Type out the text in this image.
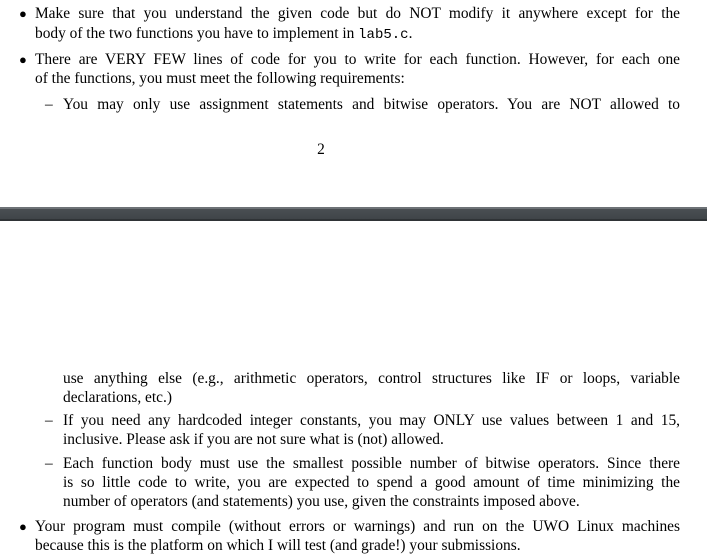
● Make sure that you understand the given code but do NOT modify it anywhere except for the
body of the two functions you have to implement in lab5.c.
● There are VERY FEW lines of code for you to write for each function. However, for each one
of the functions, you must meet the following requirements:
– You may only use assignment statements and bitwise operators. You are NOT allowed to
2
use anything else (e.g., arithmetic operators, control structures like IF or loops, variable
declarations, etc.)
– If you need any hardcoded integer constants, you may ONLY use values between 1 and 15,
inclusive. Please ask if you are not sure what is (not) allowed.
– Each function body must use the smallest possible number of bitwise operators. Since there
is so little code to write, you are expected to spend a good amount of time minimizing the
number of operators (and statements) you use, given the constraints imposed above.
● Your program must compile (without errors or warnings) and run on the UWO Linux machines
because this is the platform on which I will test (and grade!) your submissions.
